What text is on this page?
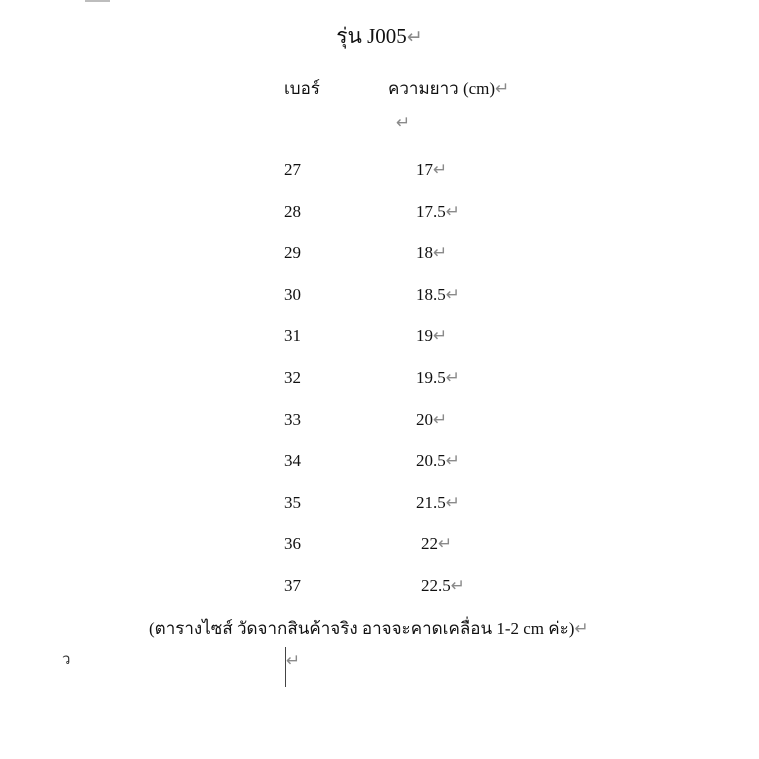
รุ่น J005↵
เบอร์	ความยาว (cm)↵
↵
27	17↵
28	17.5↵
29	18↵
30	18.5↵
31	19↵
32	19.5↵
33	20↵
34	20.5↵
35	21.5↵
36	22↵
37	22.5↵
(ตารางไซส์ วัดจากสินค้าจริง อาจจะคาดเคลื่อน 1-2 cm ค่ะ)↵
ว	↵
